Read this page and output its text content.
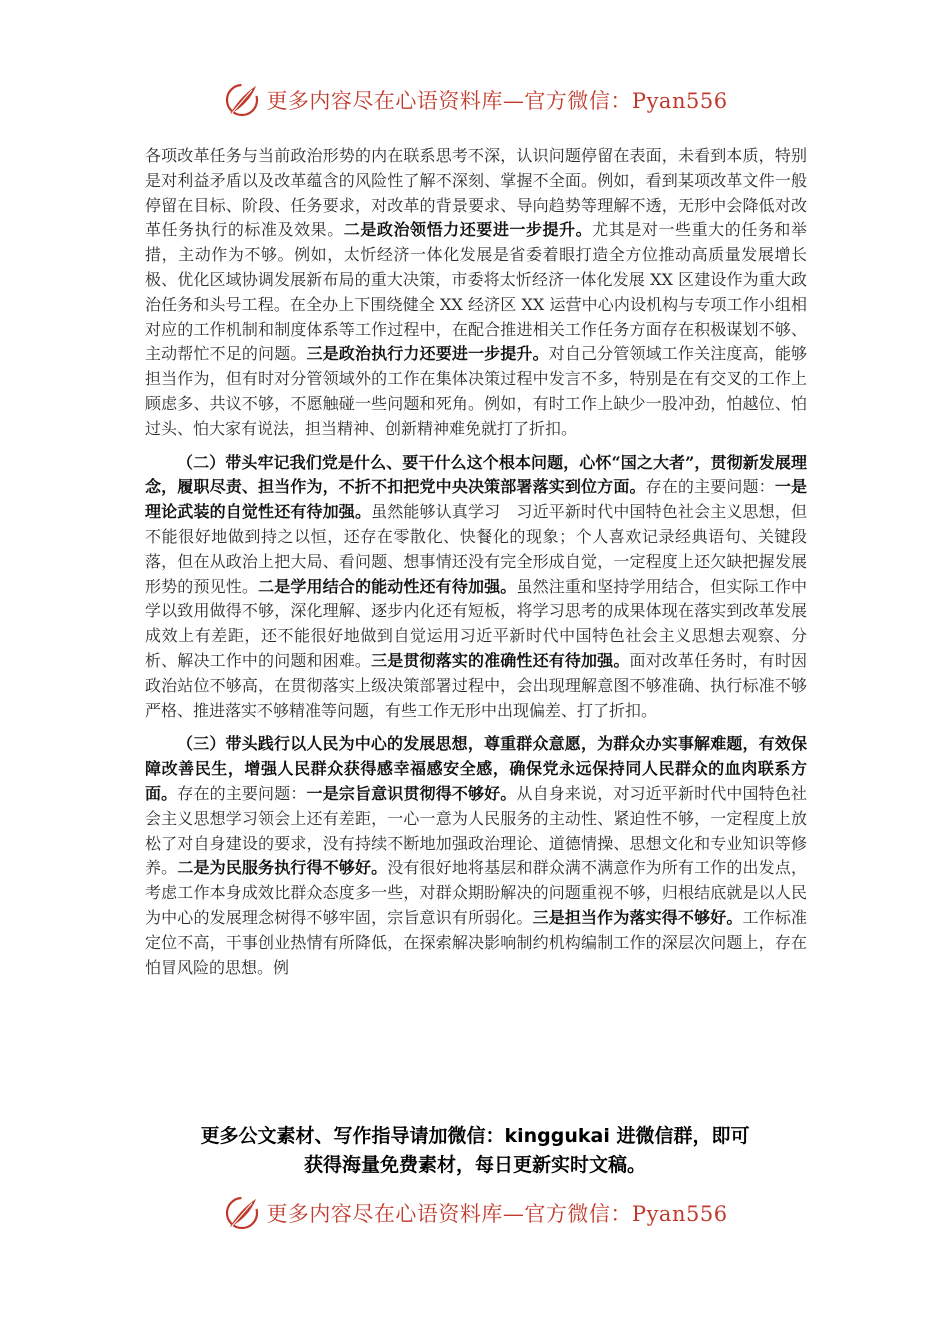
更多内容尽在心语资料库—官方微信：Pyan556

各项改革任务与当前政治形势的内在联系思考不深，认识问题停留在表面，未看到本质，特别是对利益矛盾以及改革蕴含的风险性了解不深刻、掌握不全面。例如，看到某项改革文件一般停留在目标、阶段、任务要求，对改革的背景要求、导向趋势等理解不透，无形中会降低对改革任务执行的标准及效果。二是政治领悟力还要进一步提升。尤其是对一些重大的任务和举措，主动作为不够。例如，太忻经济一体化发展是省委着眼打造全方位推动高质量发展增长极、优化区域协调发展新布局的重大决策，市委将太忻经济一体化发展 XX 区建设作为重大政治任务和头号工程。在全办上下围绕健全 XX 经济区 XX 运营中心内设机构与专项工作小组相对应的工作机制和制度体系等工作过程中，在配合推进相关工作任务方面存在积极谋划不够、主动帮忙不足的问题。三是政治执行力还要进一步提升。对自己分管领域工作关注度高，能够担当作为，但有时对分管领域外的工作在集体决策过程中发言不多，特别是在有交叉的工作上顾虑多、共议不够，不愿触碰一些问题和死角。例如，有时工作上缺少一股冲劲，怕越位、怕过头、怕大家有说法，担当精神、创新精神难免就打了折扣。

（二）带头牢记我们党是什么、要干什么这个根本问题，心怀“国之大者”，贯彻新发展理念，履职尽责、担当作为，不折不扣把党中央决策部署落实到位方面。存在的主要问题：一是理论武装的自觉性还有待加强。虽然能够认真学习　习近平新时代中国特色社会主义思想，但不能很好地做到持之以恒，还存在零散化、快餐化的现象；个人喜欢记录经典语句、关键段落，但在从政治上把大局、看问题、想事情还没有完全形成自觉，一定程度上还欠缺把握发展形势的预见性。二是学用结合的能动性还有待加强。虽然注重和坚持学用结合，但实际工作中学以致用做得不够，深化理解、逐步内化还有短板，将学习思考的成果体现在落实到改革发展成效上有差距，还不能很好地做到自觉运用习近平新时代中国特色社会主义思想去观察、分析、解决工作中的问题和困难。三是贯彻落实的准确性还有待加强。面对改革任务时，有时因政治站位不够高，在贯彻落实上级决策部署过程中，会出现理解意图不够准确、执行标准不够严格、推进落实不够精准等问题，有些工作无形中出现偏差、打了折扣。

（三）带头践行以人民为中心的发展思想，尊重群众意愿，为群众办实事解难题，有效保障改善民生，增强人民群众获得感幸福感安全感，确保党永远保持同人民群众的血肉联系方面。存在的主要问题：一是宗旨意识贯彻得不够好。从自身来说，对习近平新时代中国特色社会主义思想学习领会上还有差距，一心一意为人民服务的主动性、紧迫性不够，一定程度上放松了对自身建设的要求，没有持续不断地加强政治理论、道德情操、思想文化和专业知识等修养。二是为民服务执行得不够好。没有很好地将基层和群众满不满意作为所有工作的出发点，考虑工作本身成效比群众态度多一些，对群众期盼解决的问题重视不够，归根结底就是以人民为中心的发展理念树得不够牢固，宗旨意识有所弱化。三是担当作为落实得不够好。工作标准定位不高，干事创业热情有所降低，在探索解决影响制约机构编制工作的深层次问题上，存在怕冒风险的思想。例

更多公文素材、写作指导请加微信：kinggukai 进微信群，即可
获得海量免费素材，每日更新实时文稿。
更多内容尽在心语资料库—官方微信：Pyan556
